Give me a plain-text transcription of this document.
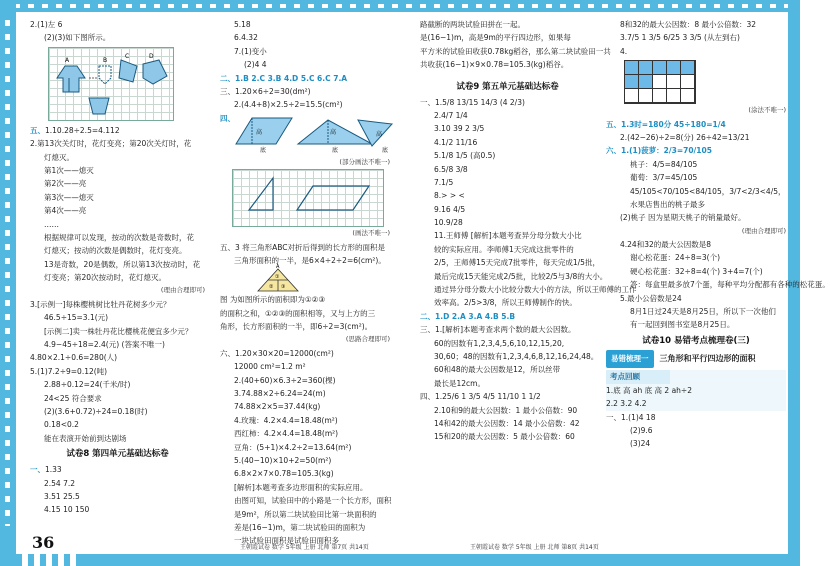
2.(1)左 6
(2)(3)如下图所示。
A	B
C	D
五、1.10.28÷2.5=4.112
2.第13次关灯时，花灯变亮；第20次关灯时，花
灯熄灭。
第1次——熄灭
第2次——亮
第3次——熄灭
第4次——亮
……
根据规律可以发现，按动的次数是奇数时，花
灯熄灭；按动的次数是偶数时，花灯变亮。
13是奇数，20是偶数，所以第13次按动时，花
灯变亮；第20次按动时，花灯熄灭。
(理由合理即可)
3.[示例一]每株樱桃树比牡丹花树多少元？
46.5÷15=3.1(元)
[示例二]卖一株牡丹花比樱桃花便宜多少元？
4.9−45÷18=2.4(元) (答案不唯一)
4.80×2.1÷0.6=280(人)
5.(1)7.2÷9=0.12(吨)
2.88÷0.12=24(千米/时)
24<25 符合要求
(2)(3.6+0.72)÷24=0.18(时)
0.18<0.2
能在表演开始前到达剧场
试卷8 第四单元基础达标卷
一、1.33
2.54 7.2
3.51 25.5
4.15 10 150
5.18
6.4.32
7.(1)变小
(2)4 4
二、1.B 2.C 3.B 4.D 5.C 6.C 7.A
三、1.20×6÷2=30(dm²)
2.(4.4+8)×2.5÷2=15.5(cm²)
四、
高
底
高
底
高
底
(部分画法不唯一)
(画法不唯一)
五、3 将三角形ABC对折后得到的长方形的面积是
三角形面积的一半，是6×4÷2÷2=6(cm²)。
①
② ③
A
图 为如图所示的面积即为①②③
的面积之和，①②③的面积相等，又与上方的三
角形，长方形面积的一半，即6÷2=3(cm²)。
(思路合理即可)
六、1.20×30×20=12000(cm²)
12000 cm²=1.2 m²
2.(40+60)×6.3÷2=360(棵)
3.74.88×2÷6.24=24(m)
74.88×2×5=37.44(kg)
4.玫瑰：4.2×4.4=18.48(m²)
西红柿：4.2×4.4=18.48(m²)
豆角：(5+1)×4.2÷2=13.64(m²)
5.(40−10)×10+2=50(m²)
6.8×2×7×0.78=105.3(kg)
[解析]本题考查多边形面积的实际应用。
由图可知，试验田中的小路是一个长方形，面积
是9m²，所以第二块试验田比第一块面积的
差是(16−1)m，第二块试验田的面积为
一块试验田面积是试验田面积多
路截断的两块试验田拼在一起。
是(16−1)m，高是9m的平行四边形，如果每
平方米的试验田收获0.78kg稻谷，那么第二块试验田一共
共收获(16−1)×9×0.78=105.3(kg)稻谷。
试卷9 第五单元基础达标卷
一、1.5/8 13/15 14/3 (4 2/3)
2.4/7 1/4
3.10 39 2 3/5
4.1/2 11/16
5.1/8 1/5 (高0.5)
6.5/8 3/8
7.1/5
8.> > <
9.16 4/5
10.9/28
11.王师傅 [解析]本题考查异分母分数大小比
较的实际应用。李师傅1天完成这批零件的
2/5，王师傅15天完成7批零件，每天完成1/5批，
最后完成15天能完成2/5批，比较2/5与3/8的大小。
通过异分母分数大小比较分数大小的方法，所以王师傅的工作
效率高。2/5>3/8，所以王师傅制作的快。
二、1.D 2.A 3.A 4.B 5.B
三、1.[解析]本题考查求两个数的最大公因数。
60的因数有1,2,3,4,5,6,10,12,15,20,
30,60；48的因数有1,2,3,4,6,8,12,16,24,48。
60和48的最大公因数是12，所以丝带
最长是12cm。
四、1.25/6 1 3/5 4/5 11/10 1 1/2
2.10和9的最大公因数：1 最小公倍数：90
14和42的最大公因数：14 最小公倍数：42
15和20的最大公因数：5 最小公倍数：60
8和32的最大公因数：8 最小公倍数：32
3.7/5 1 3/5 6/25 3 3/5 (从左到右)
4.
(涂法不唯一)
五、1.3时=180分 45÷180=1/4
2.(42−26)÷2=8(分) 26÷42=13/21
六、1.(1)菠萝：2/3=70/105
桃子：4/5=84/105
葡萄：3/7=45/105
45/105<70/105<84/105，3/7<2/3<4/5，
水果店售出的桃子最多
(2)桃子 因为星期天桃子的销量最好。
(理由合理即可)
4.24和32的最大公因数是8
谢心松花蛋：24÷8=3(个)
硬心松花蛋：32÷8=4(个) 3+4=7(个)
答：每盒里最多放7个蛋，每种平均分配都有各种的松花蛋。
5.最小公倍数是24
8月1日过24天是8月25日，所以下一次他们
有一起回到图书室是8月25日。
试卷10 易错考点梳理卷(三)
易错梳理一	三角形和平行四边形的面积
考点回顾
1.底 高 ah 底 高 2 ah÷2
2.2 3.2 4.2
一、1.(1)4 18
(2)9.6
(3)24
36	王朝霞试卷 数学 5年级 上册 北师 第7页 共14页	王朝霞试卷 数学 5年级 上册 北师 第8页 共14页
